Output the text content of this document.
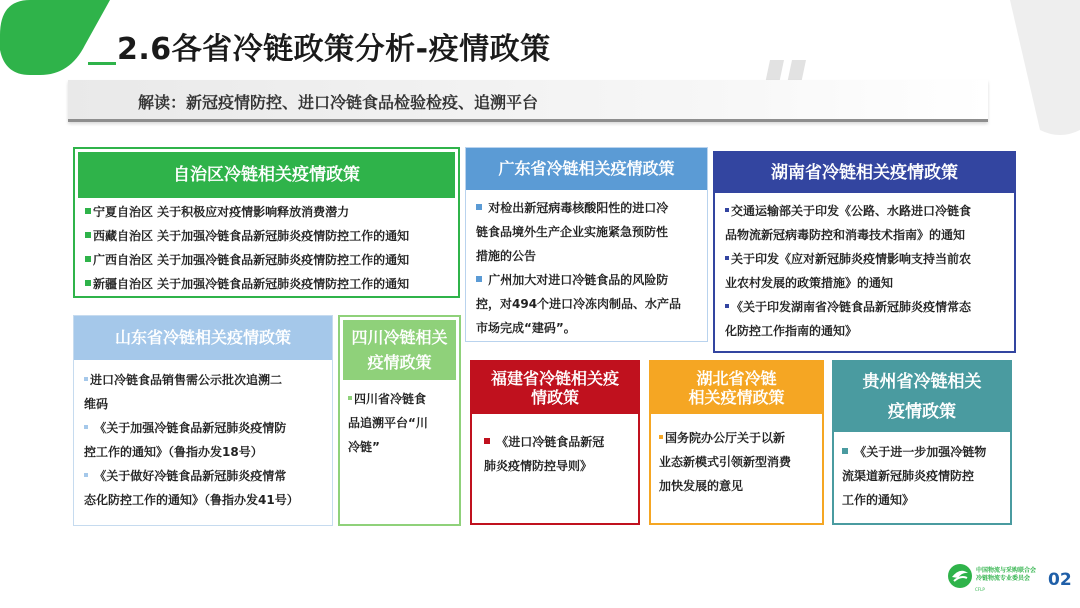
2.6各省冷链政策分析-疫情政策
解读：新冠疫情防控、进口冷链食品检验检疫、追溯平台
自治区冷链相关疫情政策
宁夏自治区 关于积极应对疫情影响释放消费潜力
西藏自治区 关于加强冷链食品新冠肺炎疫情防控工作的通知
广西自治区 关于加强冷链食品新冠肺炎疫情防控工作的通知
新疆自治区 关于加强冷链食品新冠肺炎疫情防控工作的通知
广东省冷链相关疫情政策
对检出新冠病毒核酸阳性的进口冷
链食品境外生产企业实施紧急预防性
措施的公告
广州加大对进口冷链食品的风险防
控，对494个进口冷冻肉制品、水产品
市场完成“建码”。
湖南省冷链相关疫情政策
交通运输部关于印发《公路、水路进口冷链食
品物流新冠病毒防控和消毒技术指南》的通知
关于印发《应对新冠肺炎疫情影响支持当前农
业农村发展的政策措施》的通知
《关于印发湖南省冷链食品新冠肺炎疫情常态
化防控工作指南的通知》
山东省冷链相关疫情政策
进口冷链食品销售需公示批次追溯二
维码
《关于加强冷链食品新冠肺炎疫情防
控工作的通知》（鲁指办发18号）
《关于做好冷链食品新冠肺炎疫情常
态化防控工作的通知》（鲁指办发41号）
四川冷链相关
疫情政策
四川省冷链食
品追溯平台“川
冷链”
福建省冷链相关疫
情政策
《进口冷链食品新冠
肺炎疫情防控导则》
湖北省冷链
相关疫情政策
国务院办公厅关于以新
业态新模式引领新型消费
加快发展的意见
贵州省冷链相关
疫情政策
《关于进一步加强冷链物
流渠道新冠肺炎疫情防控
工作的通知》
中国物流与采购联合会
冷链物流专业委员会
CFLP	02
